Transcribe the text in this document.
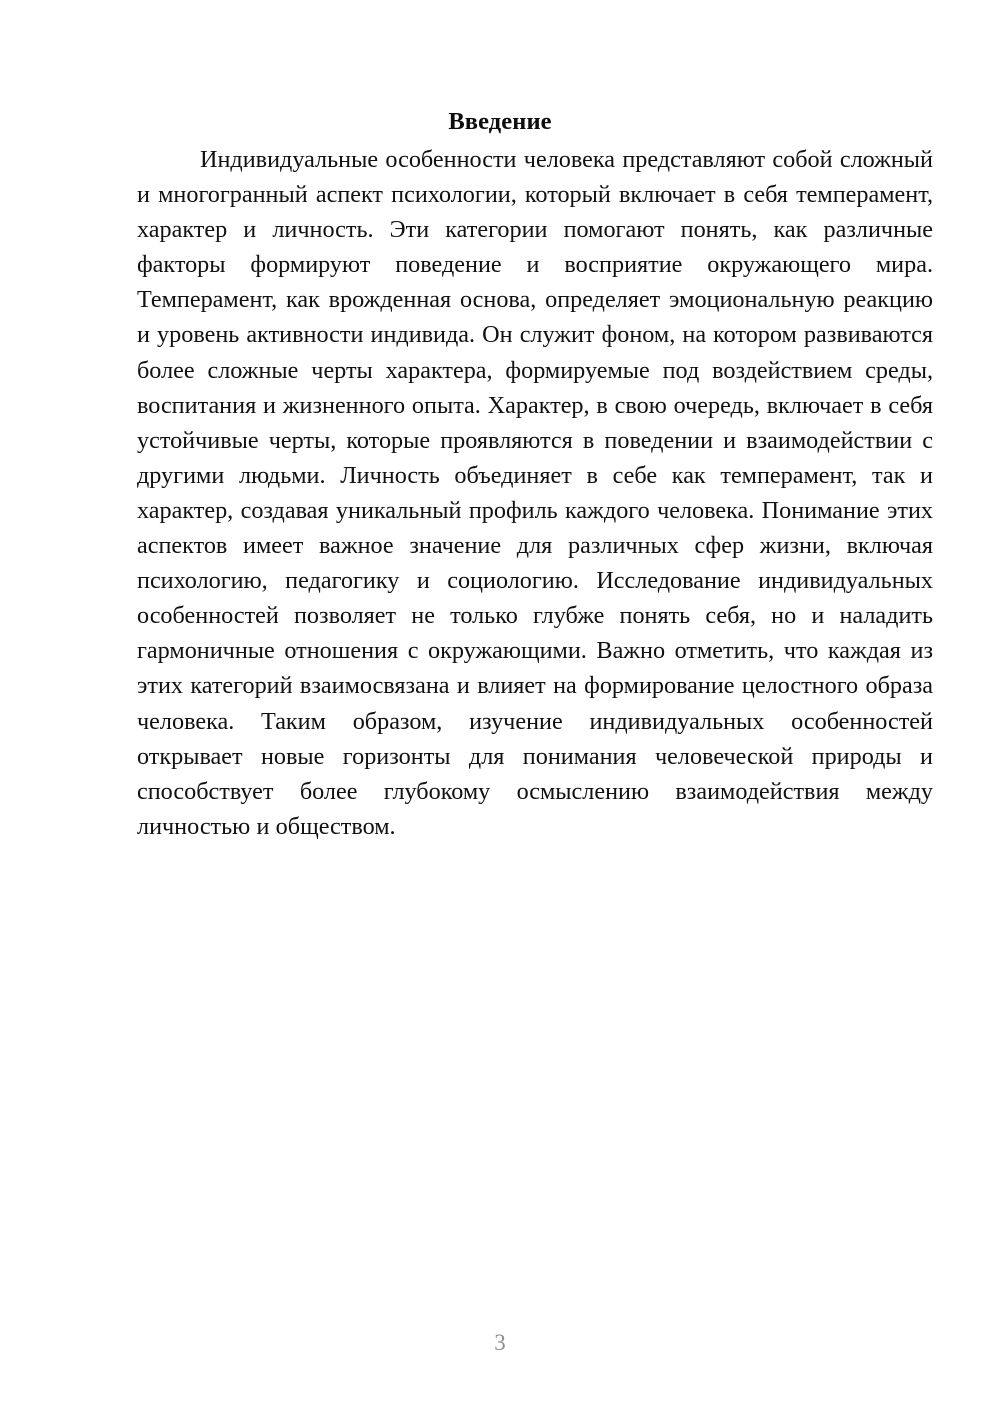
Введение

Индивидуальные особенности человека представляют собой сложный и многогранный аспект психологии, который включает в себя темперамент, характер и личность. Эти категории помогают понять, как различные факторы формируют поведение и восприятие окружающего мира. Темперамент, как врожденная основа, определяет эмоциональную реакцию и уровень активности индивида. Он служит фоном, на котором развиваются более сложные черты характера, формируемые под воздействием среды, воспитания и жизненного опыта. Характер, в свою очередь, включает в себя устойчивые черты, которые проявляются в поведении и взаимодействии с другими людьми. Личность объединяет в себе как темперамент, так и характер, создавая уникальный профиль каждого человека. Понимание этих аспектов имеет важное значение для различных сфер жизни, включая психологию, педагогику и социологию. Исследование индивидуальных особенностей позволяет не только глубже понять себя, но и наладить гармоничные отношения с окружающими. Важно отметить, что каждая из этих категорий взаимосвязана и влияет на формирование целостного образа человека. Таким образом, изучение индивидуальных особенностей открывает новые горизонты для понимания человеческой природы и способствует более глубокому осмыслению взаимодействия между личностью и обществом.

3
